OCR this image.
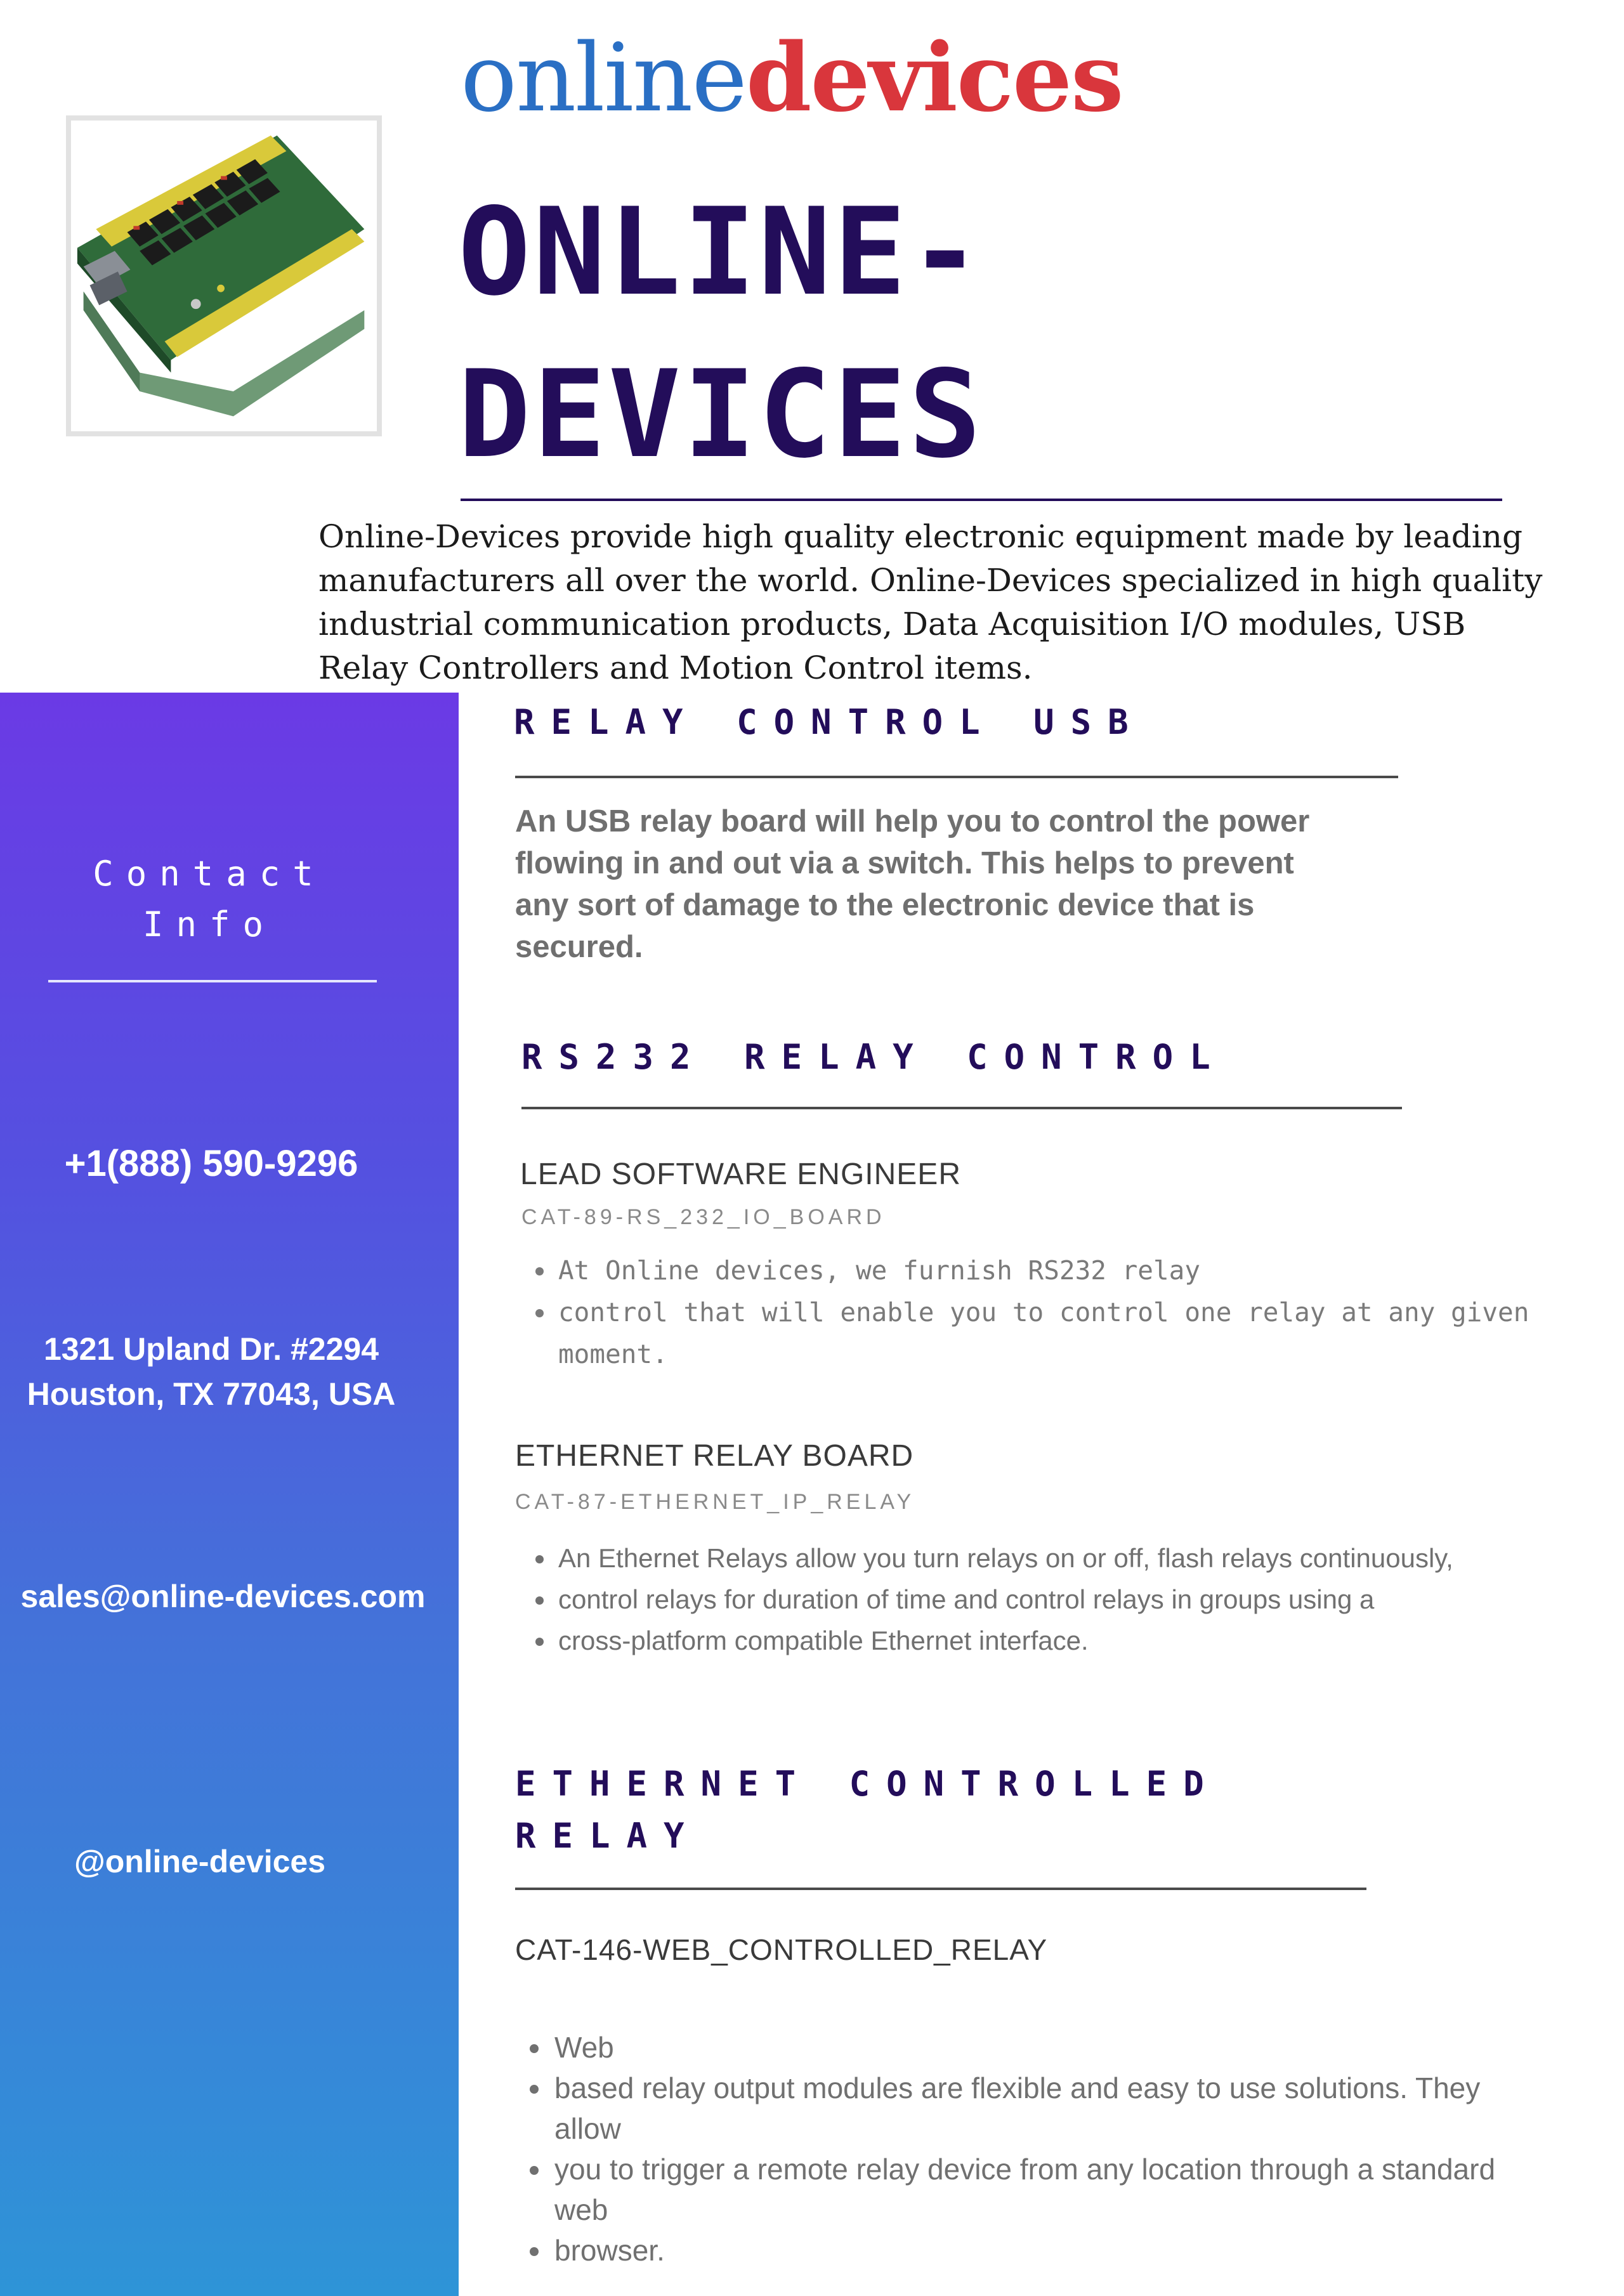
onlinedevices
ONLINE-
DEVICES
Online-Devices provide high quality electronic equipment made by leading manufacturers all over the world. Online-Devices specialized in high quality industrial communication products, Data Acquisition I/O modules, USB Relay Controllers and Motion Control items.
Contact
Info
+1(888) 590-9296
1321 Upland Dr. #2294
Houston, TX 77043, USA
sales@online-devices.com
@online-devices
RELAY CONTROL USB
An USB relay board will help you to control the power flowing in and out via a switch. This helps to prevent any sort of damage to the electronic device that is secured.
RS232 RELAY CONTROL
LEAD SOFTWARE ENGINEER
CAT-89-RS_232_IO_BOARD
• At Online devices, we furnish RS232 relay
• control that will enable you to control one relay at any given moment.
ETHERNET RELAY BOARD
CAT-87-ETHERNET_IP_RELAY
• An Ethernet Relays allow you turn relays on or off, flash relays continuously,
• control relays for duration of time and control relays in groups using a
• cross-platform compatible Ethernet interface.
ETHERNET CONTROLLED
RELAY
CAT-146-WEB_CONTROLLED_RELAY
• Web
• based relay output modules are flexible and easy to use solutions. They allow
• you to trigger a remote relay device from any location through a standard web
• browser.
